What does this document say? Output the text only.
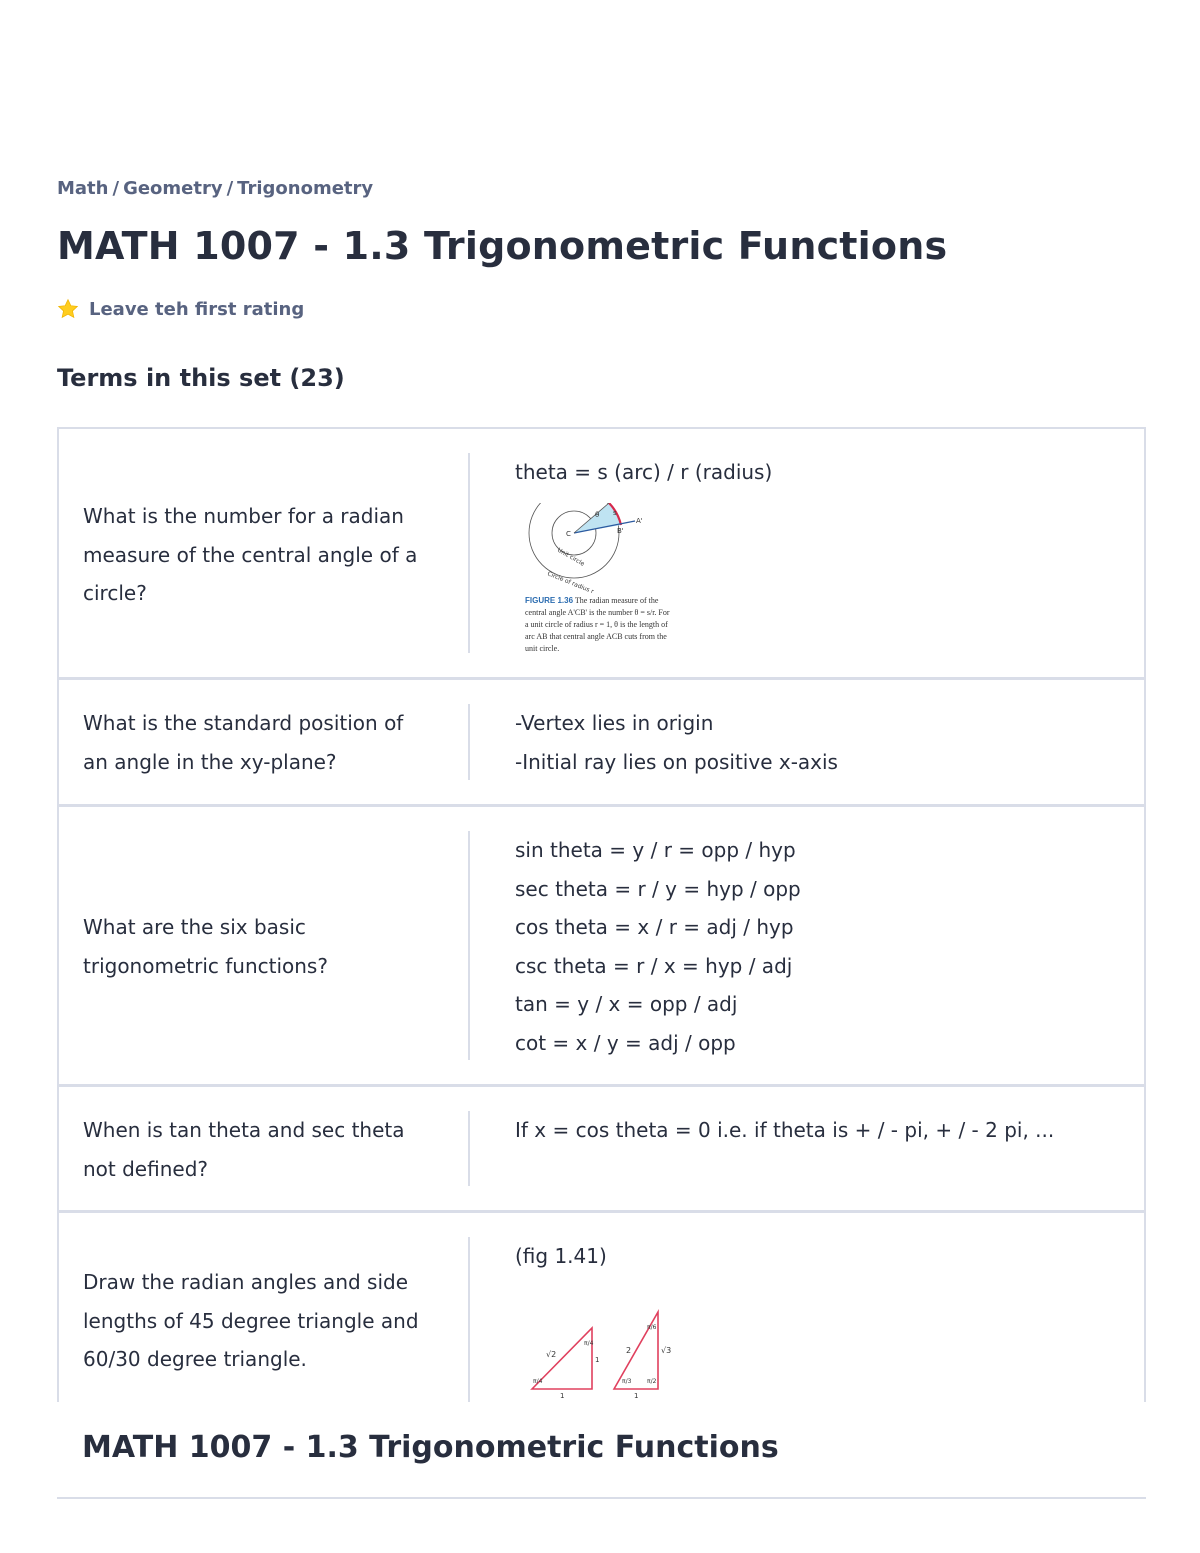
Math / Geometry / Trigonometry
MATH 1007 - 1.3 Trigonometric Functions
Leave teh first rating
Terms in this set (23)
What is the number for a radian measure of the central angle of a circle?

theta = s (arc) / r (radius)

C
θ s
A'
B'
Unit circle
Circle of radius r
FIGURE 1.36 The radian measure of the central angle A'CB' is the number θ = s/r. For a unit circle of radius r = 1, θ is the length of arc AB that central angle ACB cuts from the unit circle.
What is the standard position of an angle in the xy-plane?

-Vertex lies in origin

-Initial ray lies on positive x-axis

What are the six basic trigonometric functions?

sin theta = y / r = opp / hyp

sec theta = r / y = hyp / opp

cos theta = x / r = adj / hyp

csc theta = r / x = hyp / adj

tan = y / x = opp / adj

cot = x / y = adj / opp

When is tan theta and sec theta not defined?

If x = cos theta = 0 i.e. if theta is + / - pi, + / - 2 pi, ...

Draw the radian angles and side lengths of 45 degree triangle and 60/30 degree triangle.

(fig 1.41)

√2
π/4
π/4
1
1
2
π/6
π/3	π/2
√3
1
MATH 1007 - 1.3 Trigonometric Functions
